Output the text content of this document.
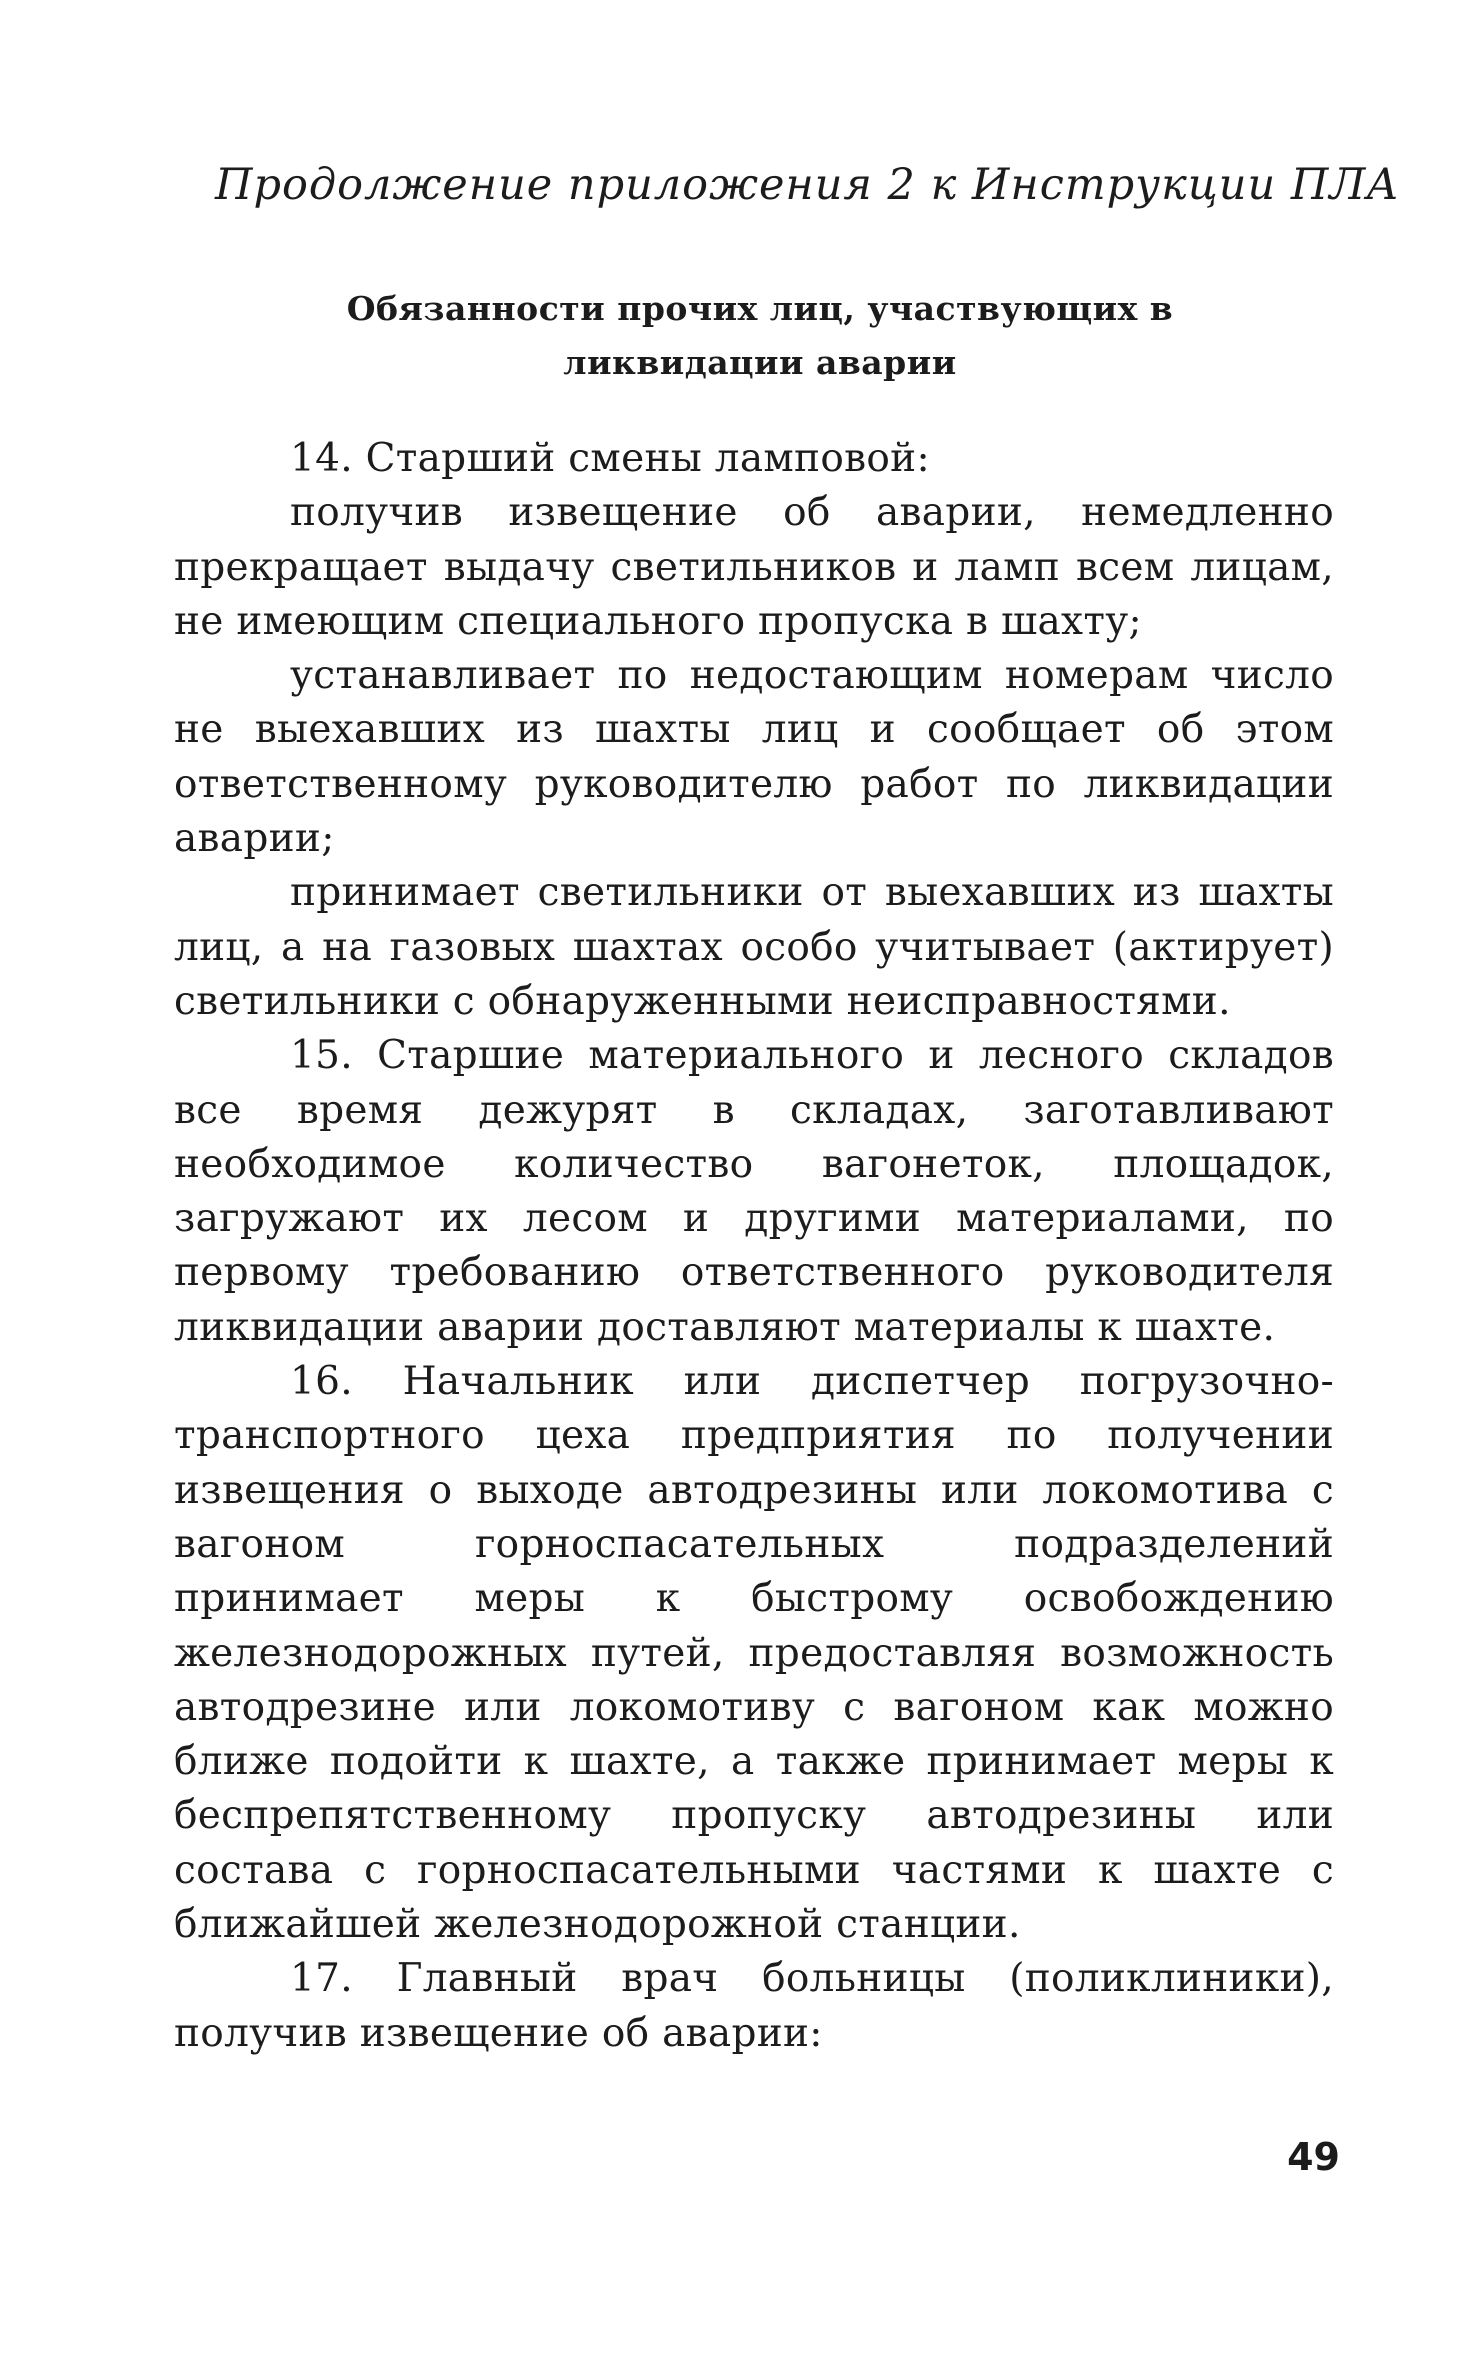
Продолжение приложения 2 к Инструкции ПЛА
Обязанности прочих лиц, участвующих в
ликвидации аварии

14. Старший смены ламповой:

получив извещение об аварии, немедленно прекращает выдачу светильников и ламп всем лицам, не имеющим специального пропуска в шахту;

устанавливает по недостающим номерам число не выехавших из шахты лиц и сообщает об этом ответственному руководителю работ по ликвидации аварии;

принимает светильники от выехавших из шахты лиц, а на газовых шахтах особо учитывает (актирует) светильники с обнаруженными неисправностями.

15. Старшие материального и лесного складов все время дежурят в складах, заготавливают необходимое количество вагонеток, площадок, загружают их лесом и другими материалами, по первому требованию ответственного руководителя ликвидации аварии доставляют материалы к шахте.

16. Начальник или диспетчер погрузочно-транспортного цеха предприятия по получении извещения о выходе автодрезины или локомотива с вагоном горноспасательных подразделений принимает меры к быстрому освобождению железнодорожных путей, предоставляя возможность автодрезине или локомотиву с вагоном как можно ближе подойти к шахте, а также принимает меры к беспрепятственному пропуску автодрезины или состава с горноспасательными частями к шахте с ближайшей железнодорожной станции.

17. Главный врач больницы (поликлиники), получив извещение об аварии:

49
